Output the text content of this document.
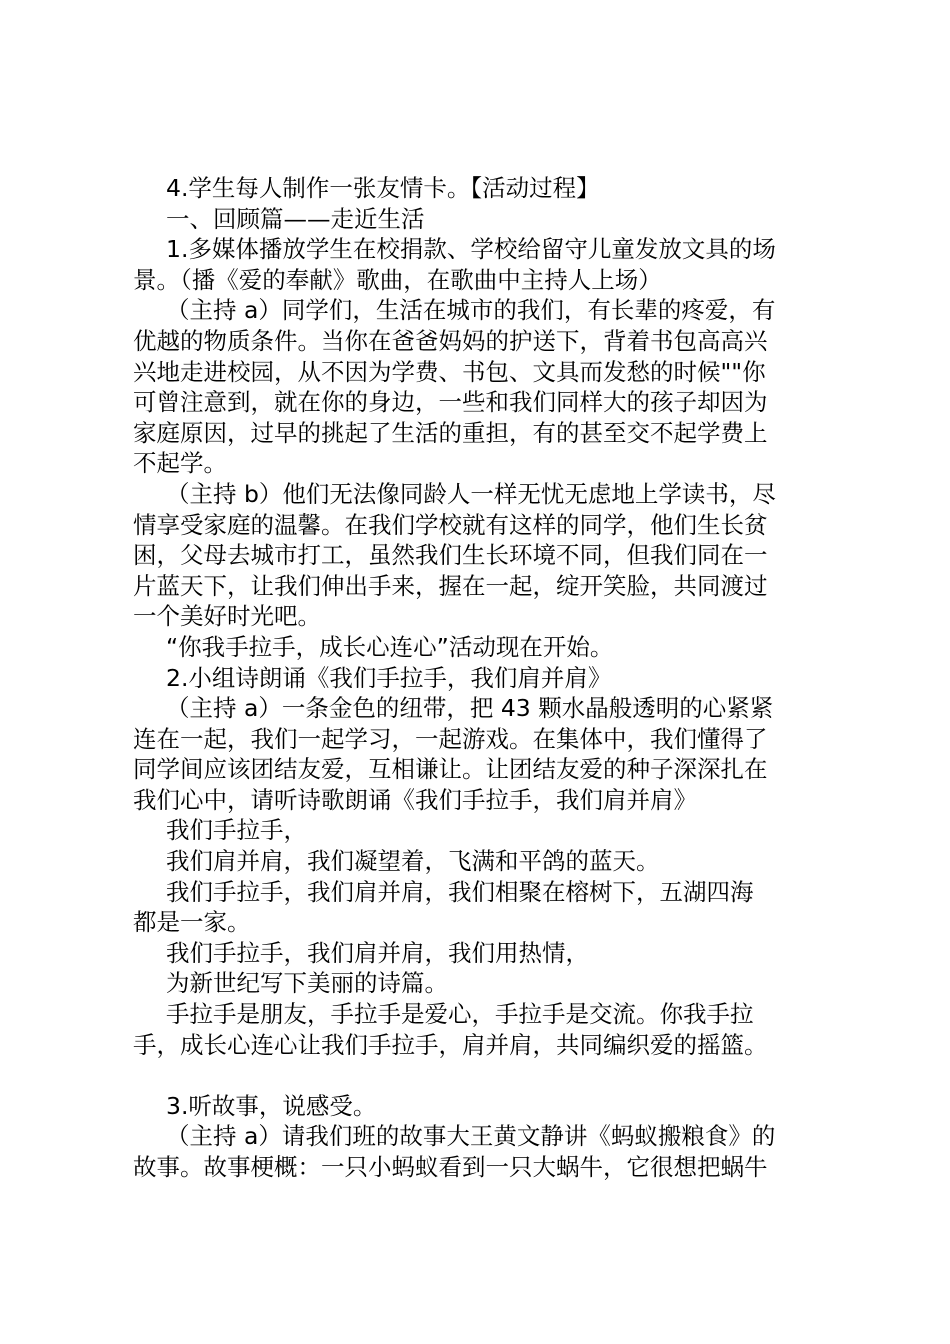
4.学生每人制作一张友情卡。【活动过程】
一、回顾篇——走近生活
1.多媒体播放学生在校捐款、学校给留守儿童发放文具的场
景。（播《爱的奉献》歌曲，在歌曲中主持人上场）
（主持 a）同学们，生活在城市的我们，有长辈的疼爱，有
优越的物质条件。当你在爸爸妈妈的护送下，背着书包高高兴
兴地走进校园，从不因为学费、书包、文具而发愁的时候""你
可曾注意到，就在你的身边，一些和我们同样大的孩子却因为
家庭原因，过早的挑起了生活的重担，有的甚至交不起学费上
不起学。
（主持 b）他们无法像同龄人一样无忧无虑地上学读书，尽
情享受家庭的温馨。在我们学校就有这样的同学，他们生长贫
困，父母去城市打工，虽然我们生长环境不同，但我们同在一
片蓝天下，让我们伸出手来，握在一起，绽开笑脸，共同渡过
一个美好时光吧。
“你我手拉手，成长心连心”活动现在开始。
2.小组诗朗诵《我们手拉手，我们肩并肩》
（主持 a）一条金色的纽带，把 43 颗水晶般透明的心紧紧
连在一起，我们一起学习，一起游戏。在集体中，我们懂得了
同学间应该团结友爱，互相谦让。让团结友爱的种子深深扎在
我们心中，请听诗歌朗诵《我们手拉手，我们肩并肩》
我们手拉手，
我们肩并肩，我们凝望着，飞满和平鸽的蓝天。
我们手拉手，我们肩并肩，我们相聚在榕树下，五湖四海
都是一家。
我们手拉手，我们肩并肩，我们用热情，
为新世纪写下美丽的诗篇。
手拉手是朋友，手拉手是爱心，手拉手是交流。你我手拉
手，成长心连心让我们手拉手，肩并肩，共同编织爱的摇篮。
3.听故事，说感受。
（主持 a）请我们班的故事大王黄文静讲《蚂蚁搬粮食》的
故事。故事梗概：一只小蚂蚁看到一只大蜗牛，它很想把蜗牛
